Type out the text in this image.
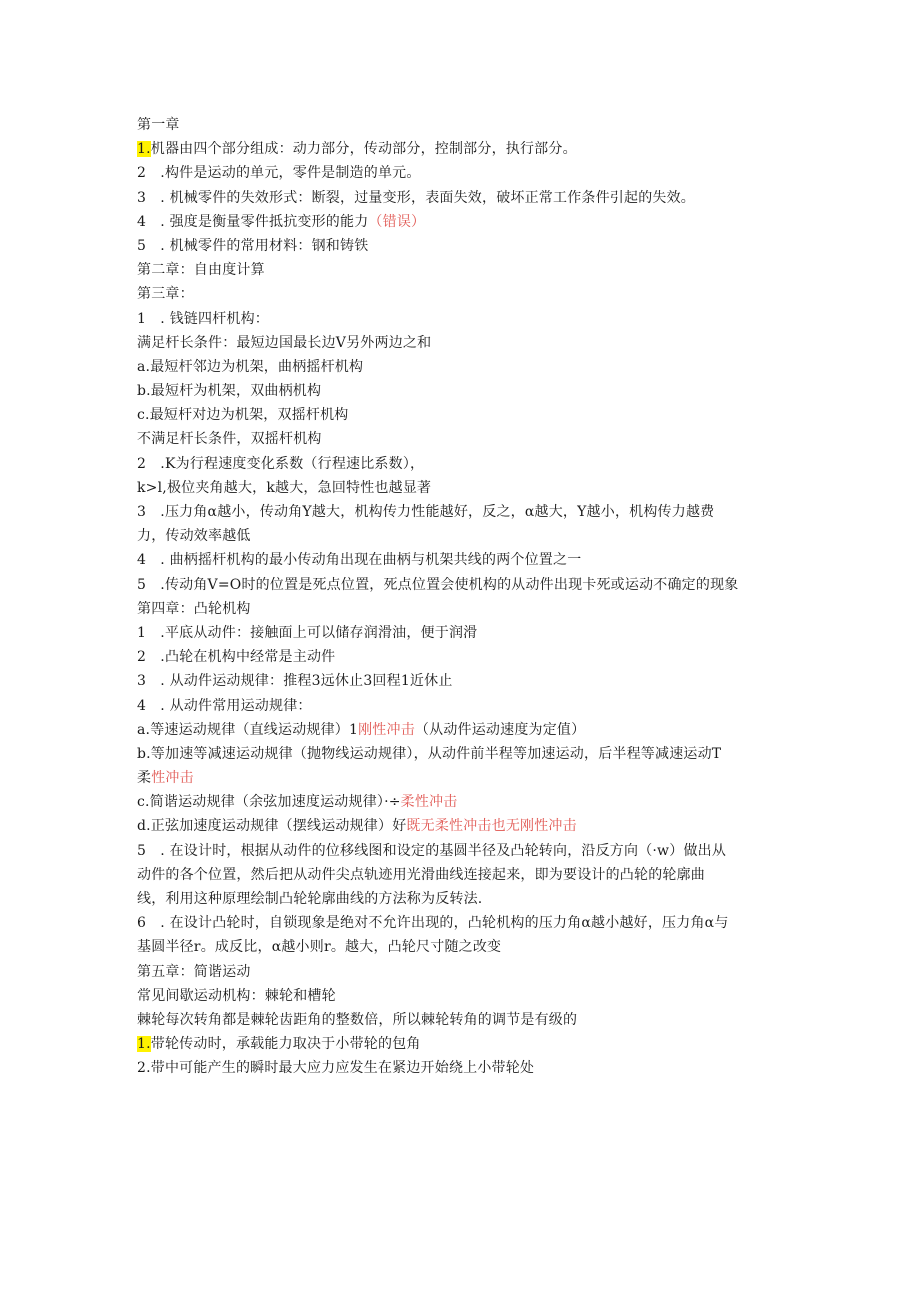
第一章
1.机器由四个部分组成：动力部分，传动部分，控制部分，执行部分。
2　.构件是运动的单元，零件是制造的单元。
3　. 机械零件的失效形式：断裂，过量变形，表面失效，破坏正常工作条件引起的失效。
4　. 强度是衡量零件抵抗变形的能力（错误）
5　. 机械零件的常用材料：钢和铸铁
第二章：自由度计算
第三章：
1　. 钱链四杆机构：
满足杆长条件：最短边国最长边V另外两边之和
a.最短杆邻边为机架，曲柄摇杆机构
b.最短杆为机架，双曲柄机构
c.最短杆对边为机架，双摇杆机构
不满足杆长条件，双摇杆机构
2　.K为行程速度变化系数（行程速比系数），
k>l,极位夹角越大，k越大，急回特性也越显著
3　.压力角α越小，传动角Y越大，机构传力性能越好，反之，α越大，Y越小，机构传力越费
力，传动效率越低
4　. 曲柄摇杆机构的最小传动角出现在曲柄与机架共线的两个位置之一
5　.传动角V=O时的位置是死点位置，死点位置会使机构的从动件出现卡死或运动不确定的现象
第四章：凸轮机构
1　.平底从动件：接触面上可以储存润滑油，便于润滑
2　.凸轮在机构中经常是主动件
3　. 从动件运动规律：推程3远休止3回程1近休止
4　. 从动件常用运动规律：
a.等速运动规律（直线运动规律）1刚性冲击（从动件运动速度为定值）
b.等加速等减速运动规律（抛物线运动规律），从动件前半程等加速运动，后半程等减速运动T
柔性冲击
c.简谐运动规律（余弦加速度运动规律）·÷柔性冲击
d.正弦加速度运动规律（摆线运动规律）好既无柔性冲击也无刚性冲击
5　. 在设计时，根据从动件的位移线图和设定的基圆半径及凸轮转向，沿反方向（·w）做出从
动件的各个位置，然后把从动件尖点轨迹用光滑曲线连接起来，即为要设计的凸轮的轮廓曲
线，利用这种原理绘制凸轮轮廓曲线的方法称为反转法.
6　. 在设计凸轮时，自锁现象是绝对不允许出现的，凸轮机构的压力角α越小越好，压力角α与
基圆半径r。成反比，α越小则r。越大，凸轮尺寸随之改变
第五章：简谐运动
常见间歇运动机构：棘轮和槽轮
棘轮每次转角都是棘轮齿距角的整数倍，所以棘轮转角的调节是有级的
1.带轮传动时，承载能力取决于小带轮的包角
2.带中可能产生的瞬时最大应力应发生在紧边开始绕上小带轮处
